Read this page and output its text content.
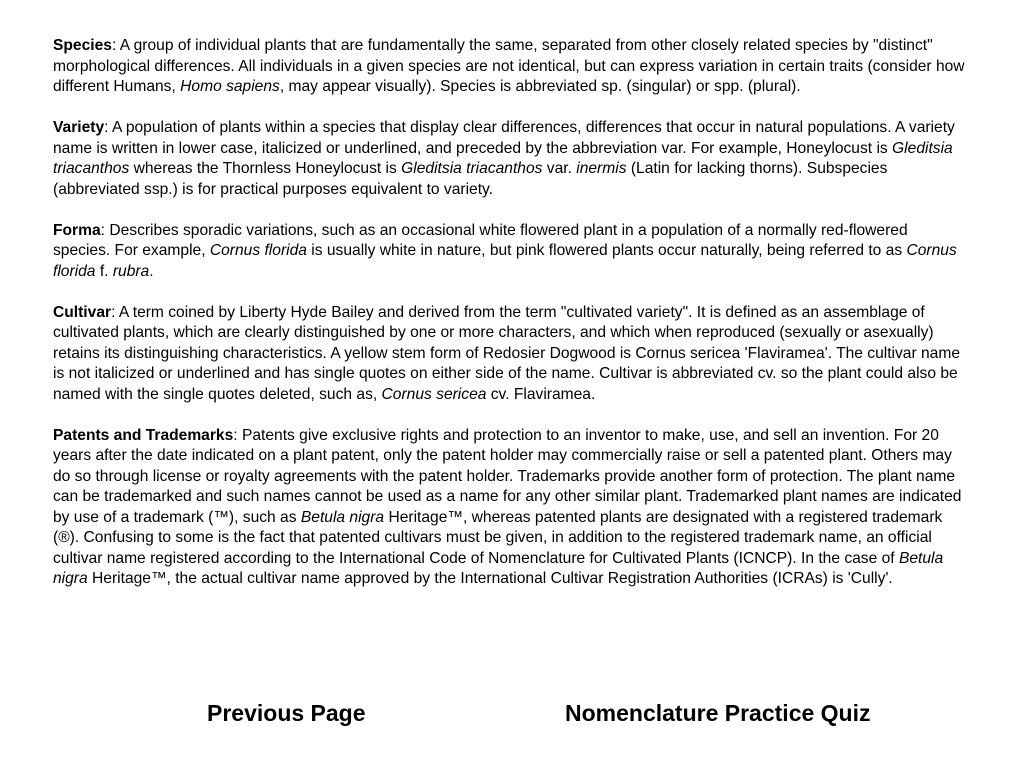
Species: A group of individual plants that are fundamentally the same, separated from other closely related species by "distinct" morphological differences. All individuals in a given species are not identical, but can express variation in certain traits (consider how different Humans, Homo sapiens, may appear visually). Species is abbreviated sp. (singular) or spp. (plural).

Variety: A population of plants within a species that display clear differences, differences that occur in natural populations. A variety name is written in lower case, italicized or underlined, and preceded by the abbreviation var. For example, Honeylocust is Gleditsia triacanthos whereas the Thornless Honeylocust is Gleditsia triacanthos var. inermis (Latin for lacking thorns). Subspecies (abbreviated ssp.) is for practical purposes equivalent to variety.

Forma: Describes sporadic variations, such as an occasional white flowered plant in a population of a normally red-flowered species. For example, Cornus florida is usually white in nature, but pink flowered plants occur naturally, being referred to as Cornus florida f. rubra.

Cultivar: A term coined by Liberty Hyde Bailey and derived from the term "cultivated variety". It is defined as an assemblage of cultivated plants, which are clearly distinguished by one or more characters, and which when reproduced (sexually or asexually) retains its distinguishing characteristics. A yellow stem form of Redosier Dogwood is Cornus sericea 'Flaviramea'. The cultivar name is not italicized or underlined and has single quotes on either side of the name. Cultivar is abbreviated cv. so the plant could also be named with the single quotes deleted, such as, Cornus sericea cv. Flaviramea.

Patents and Trademarks: Patents give exclusive rights and protection to an inventor to make, use, and sell an invention. For 20 years after the date indicated on a plant patent, only the patent holder may commercially raise or sell a patented plant. Others may do so through license or royalty agreements with the patent holder. Trademarks provide another form of protection. The plant name can be trademarked and such names cannot be used as a name for any other similar plant. Trademarked plant names are indicated by use of a trademark (™), such as Betula nigra Heritage™, whereas patented plants are designated with a registered trademark (®). Confusing to some is the fact that patented cultivars must be given, in addition to the registered trademark name, an official cultivar name registered according to the International Code of Nomenclature for Cultivated Plants (ICNCP). In the case of Betula nigra Heritage™, the actual cultivar name approved by the International Cultivar Registration Authorities (ICRAs) is 'Cully'.

Previous Page	Nomenclature Practice Quiz
